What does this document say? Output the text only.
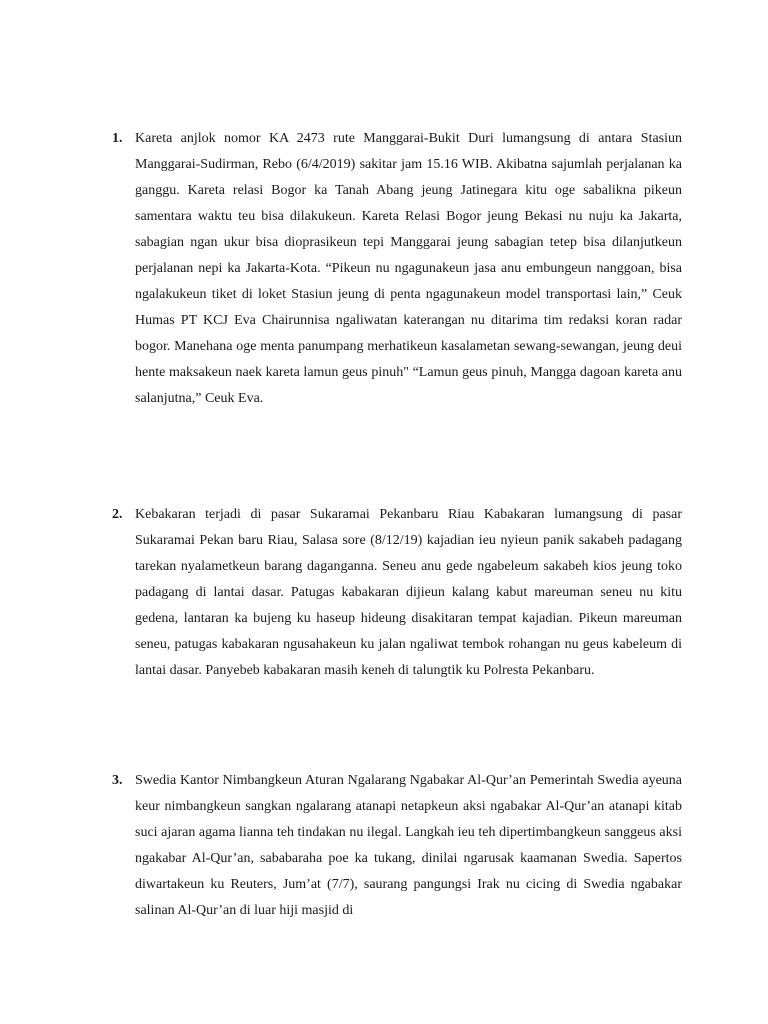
1. Kareta anjlok nomor KA 2473 rute Manggarai-Bukit Duri lumangsung di antara Stasiun Manggarai-Sudirman, Rebo (6/4/2019) sakitar jam 15.16 WIB. Akibatna sajumlah perjalanan ka ganggu. Kareta relasi Bogor ka Tanah Abang jeung Jatinegara kitu oge sabalikna pikeun samentara waktu teu bisa dilakukeun. Kareta Relasi Bogor jeung Bekasi nu nuju ka Jakarta, sabagian ngan ukur bisa dioprasikeun tepi Manggarai jeung sabagian tetep bisa dilanjutkeun perjalanan nepi ka Jakarta-Kota. “Pikeun nu ngagunakeun jasa anu embungeun nanggoan, bisa ngalakukeun tiket di loket Stasiun jeung di penta ngagunakeun model transportasi lain,” Ceuk Humas PT KCJ Eva Chairunnisa ngaliwatan katerangan nu ditarima tim redaksi koran radar bogor. Manehana oge menta panumpang merhatikeun kasalametan sewang-sewangan, jeung deui hente maksakeun naek kareta lamun geus pinuh" “Lamun geus pinuh, Mangga dagoan kareta anu salanjutna,” Ceuk Eva.
2. Kebakaran terjadi di pasar Sukaramai Pekanbaru Riau Kabakaran lumangsung di pasar Sukaramai Pekan baru Riau, Salasa sore (8/12/19) kajadian ieu nyieun panik sakabeh padagang tarekan nyalametkeun barang daganganna. Seneu anu gede ngabeleum sakabeh kios jeung toko padagang di lantai dasar. Patugas kabakaran dijieun kalang kabut mareuman seneu nu kitu gedena, lantaran ka bujeng ku haseup hideung disakitaran tempat kajadian. Pikeun mareuman seneu, patugas kabakaran ngusahakeun ku jalan ngaliwat tembok rohangan nu geus kabeleum di lantai dasar. Panyebeb kabakaran masih keneh di talungtik ku Polresta Pekanbaru.
3. Swedia Kantor Nimbangkeun Aturan Ngalarang Ngabakar Al-Qur’an Pemerintah Swedia ayeuna keur nimbangkeun sangkan ngalarang atanapi netapkeun aksi ngabakar Al-Qur’an atanapi kitab suci ajaran agama lianna teh tindakan nu ilegal. Langkah ieu teh dipertimbangkeun sanggeus aksi ngakabar Al-Qur’an, sababaraha poe ka tukang, dinilai ngarusak kaamanan Swedia. Sapertos diwartakeun ku Reuters, Jum’at (7/7), saurang pangungsi Irak nu cicing di Swedia ngabakar salinan Al-Qur’an di luar hiji masjid di
